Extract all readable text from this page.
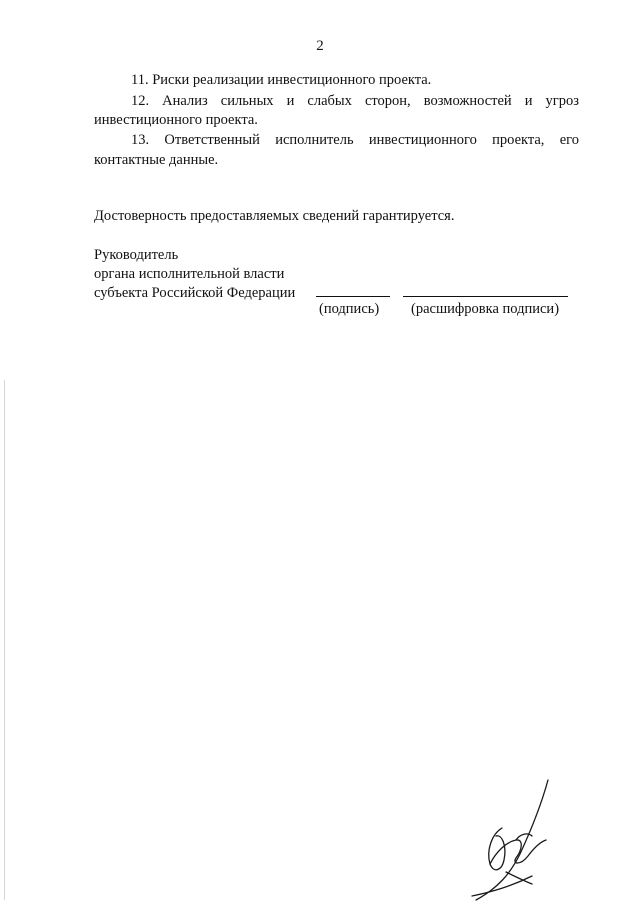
2
11. Риски реализации инвестиционного проекта.
12. Анализ сильных и слабых сторон, возможностей и угроз
инвестиционного проекта.
13. Ответственный исполнитель инвестиционного проекта, его
контактные данные.
Достоверность предоставляемых сведений гарантируется.
Руководитель
органа исполнительной власти
субъекта Российской Федерации
(подпись) (расшифровка подписи)
